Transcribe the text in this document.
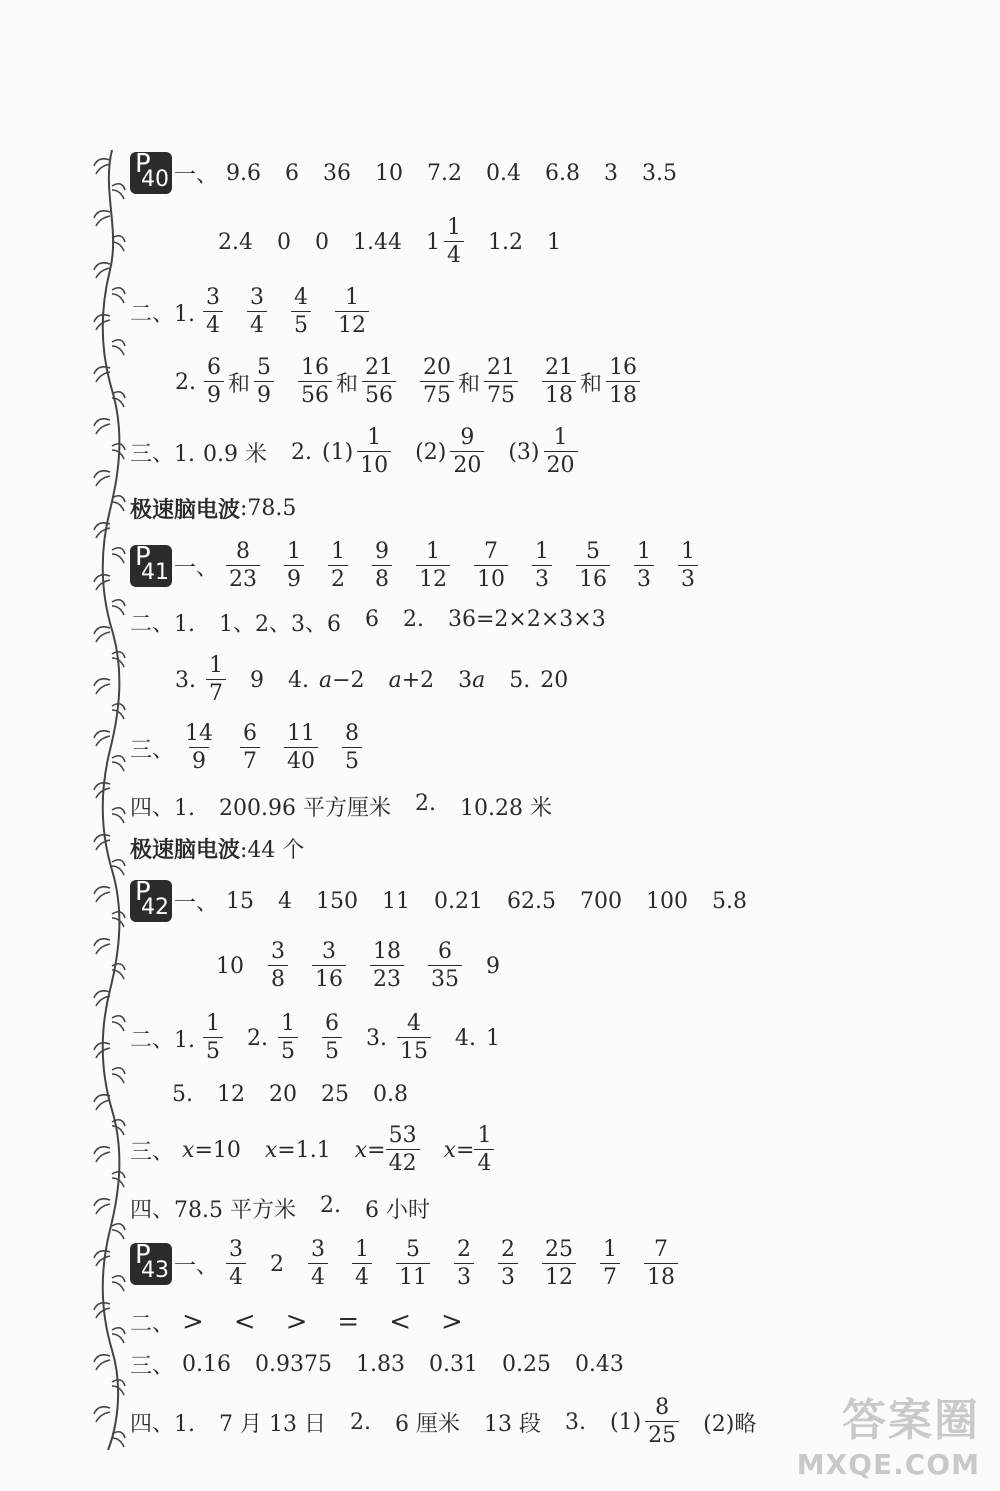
P
40 一、 9.6 6 36 10 7.2 0.4 6.8 3 3.5
2.4 0 0 1.44 $1 \frac{1}{4} 1.2$ 1
二、1. $\frac{3}{4} \frac{3}{4} \frac{4}{5} \frac{1}{12}$
2. $\frac{6}{9}$ 和 $\frac{5}{9} \frac{16}{56}$ 和 $\frac{21}{56} \frac{20}{75}$ 和 $\frac{21}{75} \frac{21}{18}$ 和 $\frac{16}{18}$
三、1. 0.9 米 2. $(1) \frac{1}{10} (2) \frac{9}{20} (3) \frac{1}{20}$
极速脑电波 :78.5
P
41 一、 $\frac{8}{23} \frac{1}{9} \frac{1}{2} \frac{9}{8} \frac{1}{12} \frac{7}{10} \frac{1}{3} \frac{5}{16} \frac{1}{3} \frac{1}{3}$
二、1. 1、2、3、6 6 2. 36=2×2×3×3
3. $\frac{1}{7} 9$ 4. a −2 a +2 3 a 5. 20
三、 $\frac{14}{9} \frac{6}{7} \frac{11}{40} \frac{8}{5}$
四、1. 200.96 平方厘米 2. 10.28 米
极速脑电波 :44 个
P
42 一、 15 4 150 11 0.21 62.5 700 100 5.8
$10 \frac{3}{8} \frac{3}{16} \frac{18}{23} \frac{6}{35} 9$
二、1. $\frac{1}{5} 2$. $\frac{1}{5} \frac{6}{5} 3$. $\frac{4}{15} 4$. 1
5. 12 20 25 0.8
三、 x = 10 x = 1.1 $x = \frac{53}{42}$ $x = \frac{1}{4}$
四、78.5 平方米 2. 6 小时
P
43 一、 $\frac{3}{4} 2 \frac{3}{4} \frac{1}{4} \frac{5}{11} \frac{2}{3} \frac{2}{3} \frac{25}{12} \frac{1}{7} \frac{7}{18}$
二、 > < > = < >
三、 0.16 0.9375 1.83 0.31 0.25 0.43
四、1. 7 月 13 日 2. 6 厘米 13 段 3. $(1) \frac{8}{25} (2)$略	答案圈
MXQE.COM
